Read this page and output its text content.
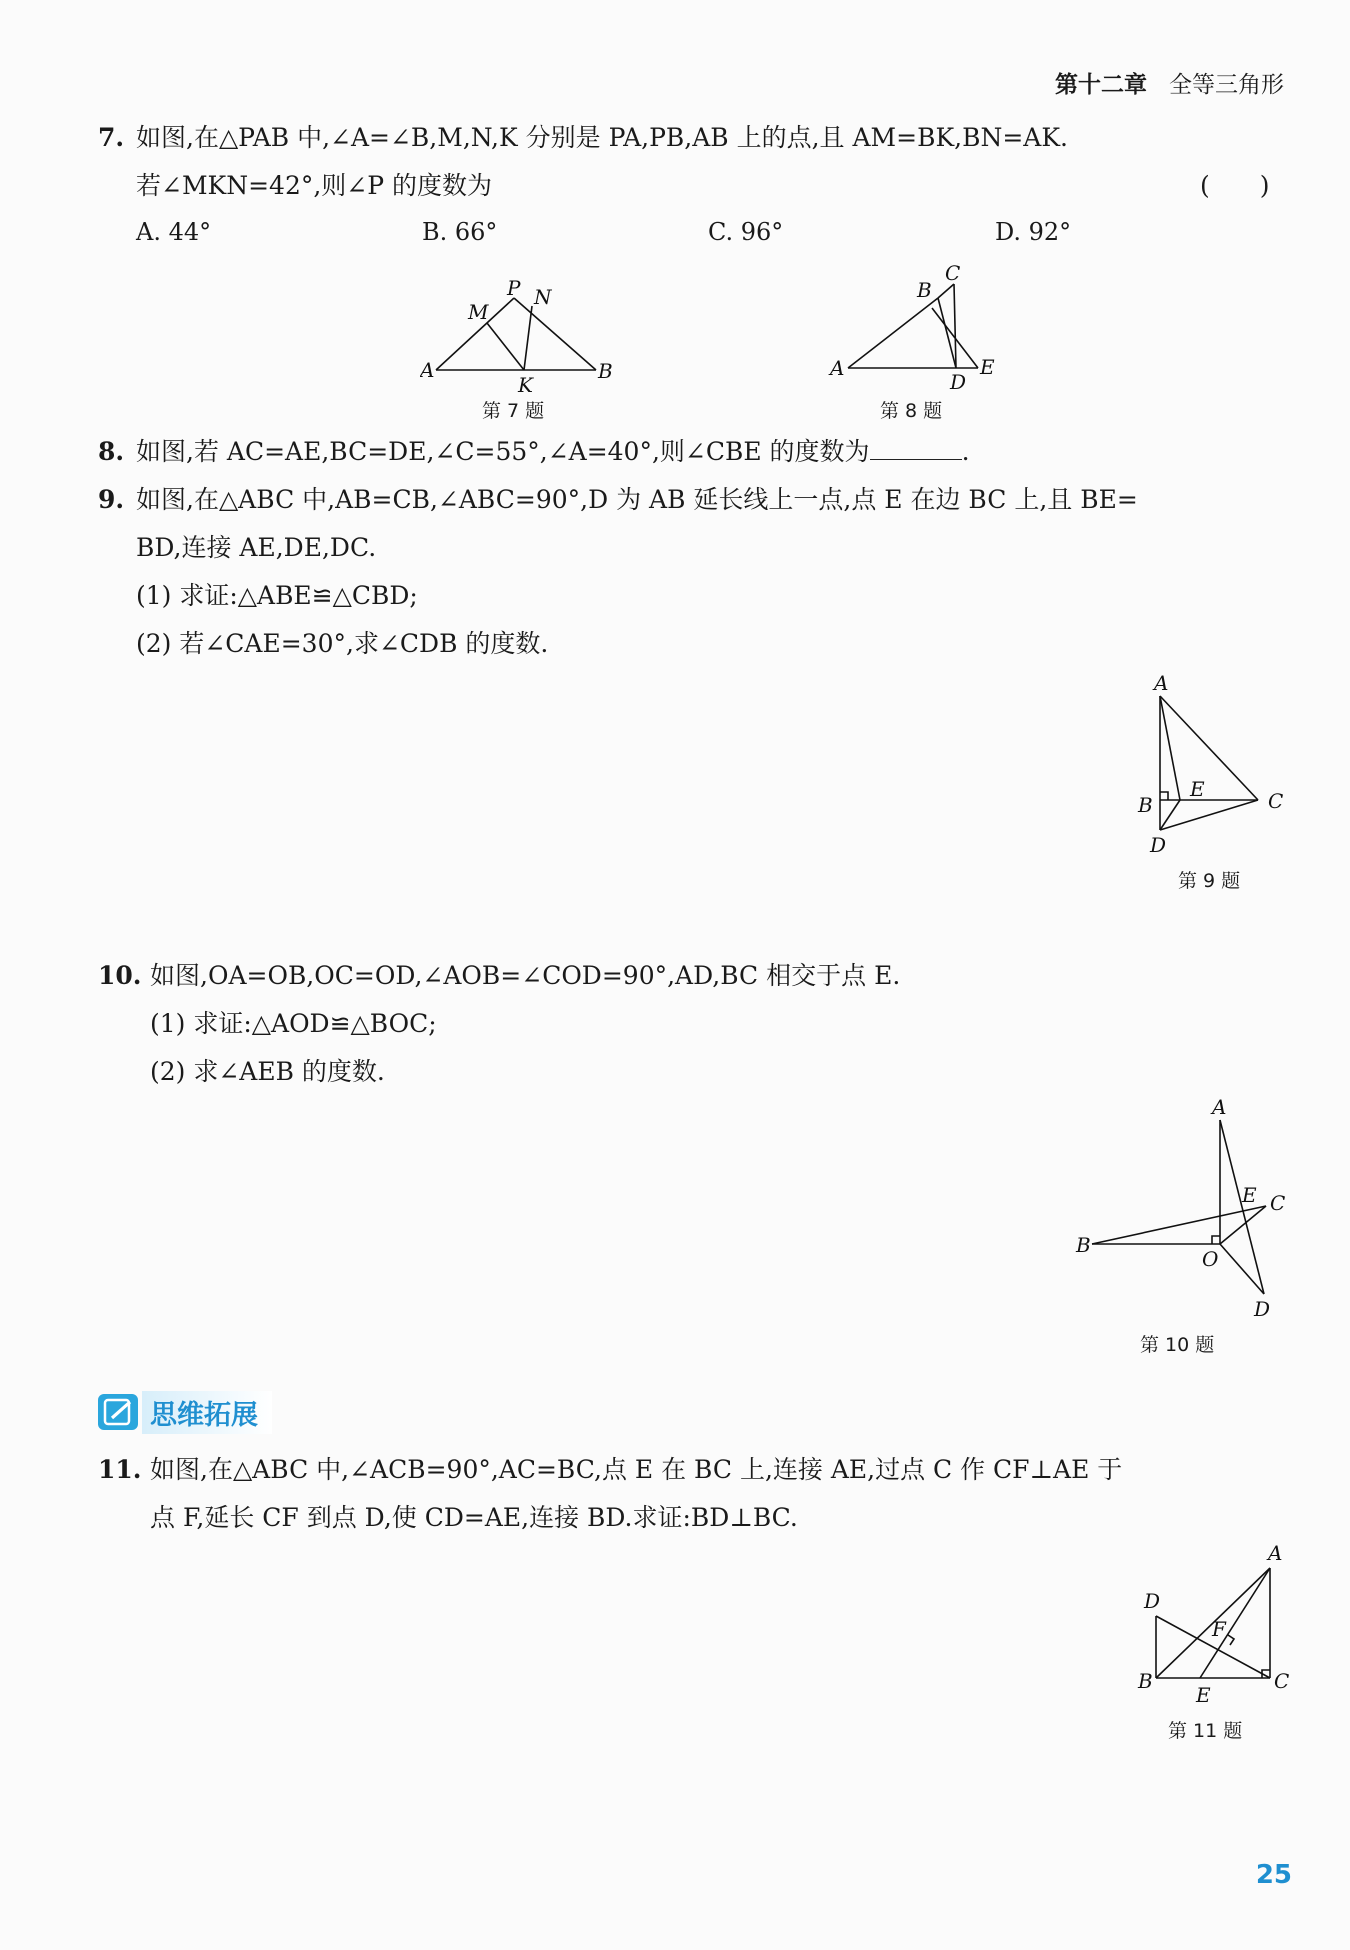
第十二章 全等三角形
7. 如图,在△PAB 中,∠A=∠B,M,N,K 分别是 PA,PB,AB 上的点,且 AM=BK,BN=AK.
若∠MKN=42°,则∠P 的度数为	(　　)
A. 44°	B. 66°	C. 96°	D. 92°
P
M
N
A
K
B
第 7 题
B
C
A
D
E
第 8 题
8. 如图,若 AC=AE,BC=DE,∠C=55°,∠A=40°,则∠CBE 的度数为	.
9. 如图,在△ABC 中,AB=CB,∠ABC=90°,D 为 AB 延长线上一点,点 E 在边 BC 上,且 BE=
BD,连接 AE,DE,DC.
(1) 求证:△ABE≌△CBD;
(2) 若∠CAE=30°,求∠CDB 的度数.
A
B
E	C
D
第 9 题
10. 如图,OA=OB,OC=OD,∠AOB=∠COD=90°,AD,BC 相交于点 E.
(1) 求证:△AOD≌△BOC;
(2) 求∠AEB 的度数.
A
E C
B
O
D
第 10 题
思维拓展
11. 如图,在△ABC 中,∠ACB=90°,AC=BC,点 E 在 BC 上,连接 AE,过点 C 作 CF⊥AE 于
点 F,延长 CF 到点 D,使 CD=AE,连接 BD.求证:BD⊥BC.
A
D
F
B
E
C
第 11 题
25
